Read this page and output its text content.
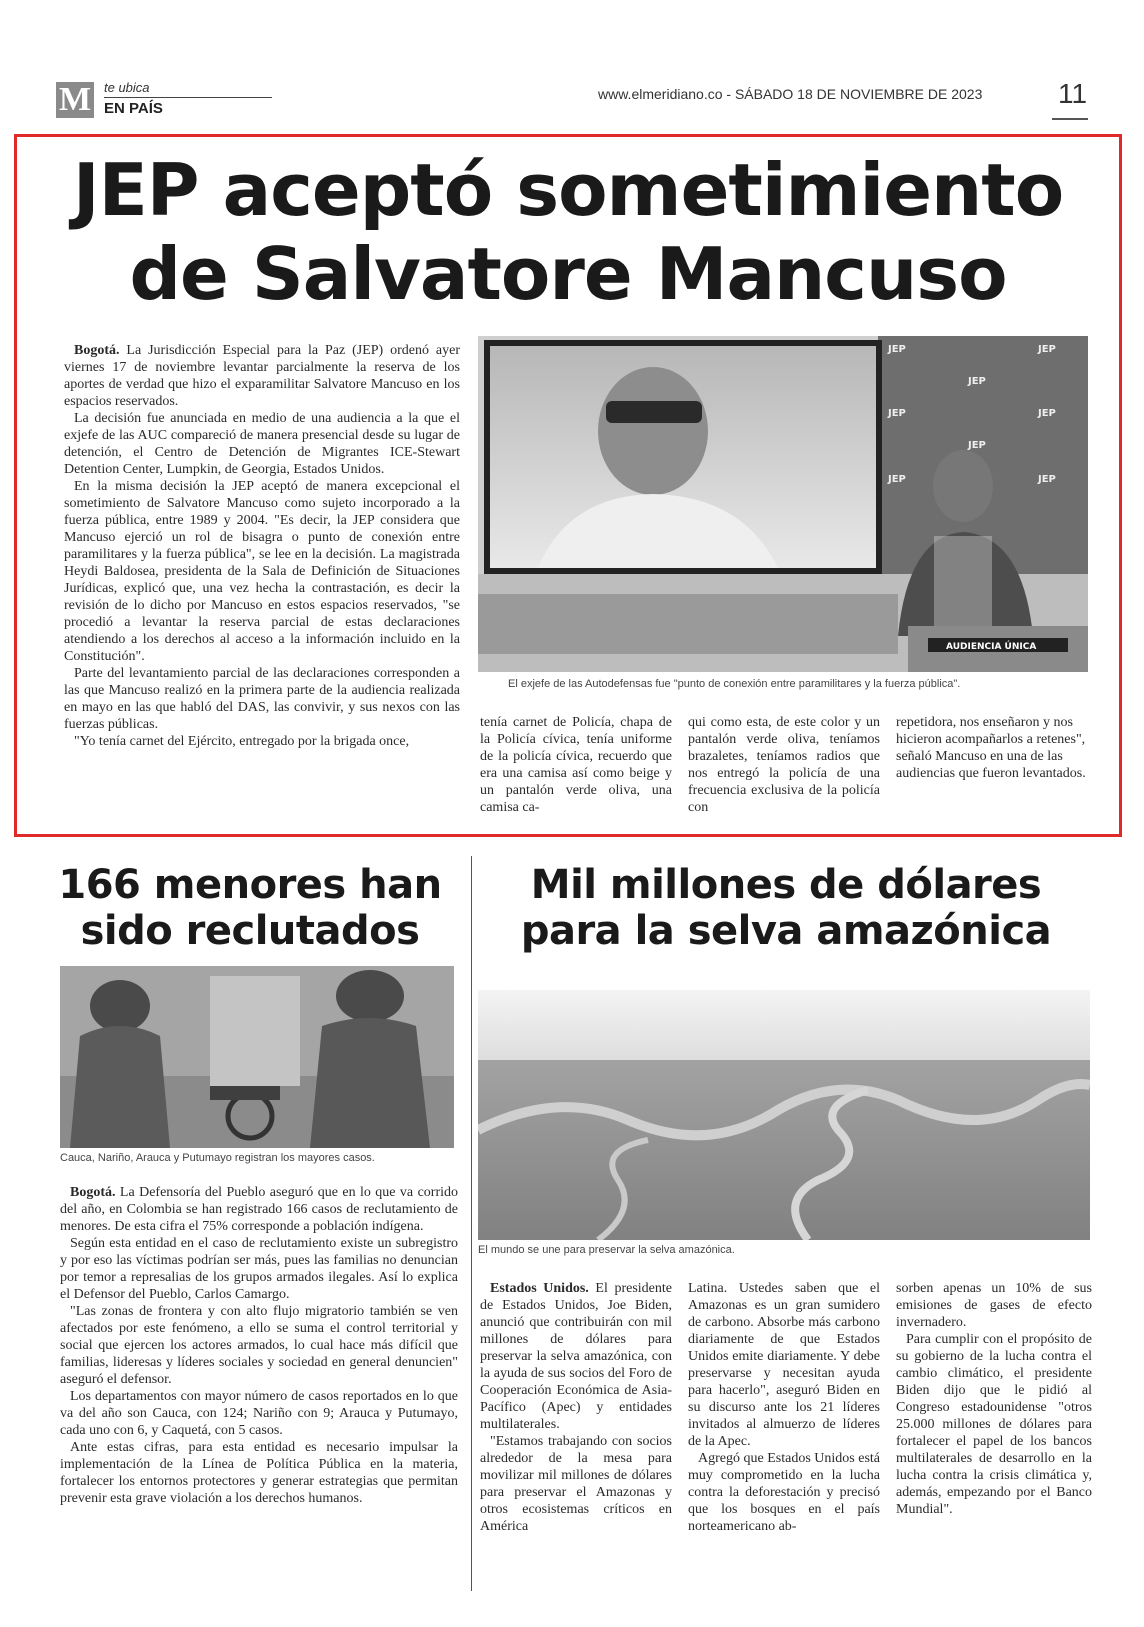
M te ubica
EN PAÍS
www.elmeridiano.co - SÁBADO 18 DE NOVIEMBRE DE 2023	11
JEP aceptó sometimiento
de Salvatore Mancuso

Bogotá. La Jurisdicción Especial para la Paz (JEP) ordenó ayer viernes 17 de noviembre levantar parcialmente la reserva de los aportes de verdad que hizo el exparamilitar Salvatore Mancuso en los espacios reservados.

La decisión fue anunciada en medio de una audiencia a la que el exjefe de las AUC compareció de manera presencial desde su lugar de detención, el Centro de Detención de Migrantes ICE-Stewart Detention Center, Lumpkin, de Georgia, Estados Unidos.

En la misma decisión la JEP aceptó de manera excepcional el sometimiento de Salvatore Mancuso como sujeto incorporado a la fuerza pública, entre 1989 y 2004. "Es decir, la JEP considera que Mancuso ejerció un rol de bisagra o punto de conexión entre paramilitares y la fuerza pública", se lee en la decisión. La magistrada Heydi Baldosea, presidenta de la Sala de Definición de Situaciones Jurídicas, explicó que, una vez hecha la contrastación, es decir la revisión de lo dicho por Mancuso en estos espacios reservados, "se procedió a levantar la reserva parcial de estas declaraciones atendiendo a los derechos al acceso a la información incluido en la Constitución".

Parte del levantamiento parcial de las declaraciones corresponden a las que Mancuso realizó en la primera parte de la audiencia realizada en mayo en las que habló del DAS, las convivir, y sus nexos con las fuerzas públicas.

"Yo tenía carnet del Ejército, entregado por la brigada once,

AUDIENCIA ÚNICA
JEP	JEP
JEP
JEP	JEP
JEP
JEP	JEP
El exjefe de las Autodefensas fue "punto de conexión entre paramilitares y la fuerza pública".

tenía carnet de Policía, chapa de la Policía cívica, tenía uniforme de la policía cívica, recuerdo que era una camisa así como beige y un pantalón verde oliva, una camisa ca-

qui como esta, de este color y un pantalón verde oliva, teníamos brazaletes, teníamos radios que nos entregó la policía de una frecuencia exclusiva de la policía con

repetidora, nos enseñaron y nos hicieron acompañarlos a retenes", señaló Mancuso en una de las audiencias que fueron levantados.

166 menores han
sido reclutados
Cauca, Nariño, Arauca y Putumayo registran los mayores casos.

Bogotá. La Defensoría del Pueblo aseguró que en lo que va corrido del año, en Colombia se han registrado 166 casos de reclutamiento de menores. De esta cifra el 75% corresponde a población indígena.

Según esta entidad en el caso de reclutamiento existe un subregistro y por eso las víctimas podrían ser más, pues las familias no denuncian por temor a represalias de los grupos armados ilegales. Así lo explica el Defensor del Pueblo, Carlos Camargo.

"Las zonas de frontera y con alto flujo migratorio también se ven afectados por este fenómeno, a ello se suma el control territorial y social que ejercen los actores armados, lo cual hace más difícil que familias, lideresas y líderes sociales y sociedad en general denuncien" aseguró el defensor.

Los departamentos con mayor número de casos reportados en lo que va del año son Cauca, con 124; Nariño con 9; Arauca y Putumayo, cada uno con 6, y Caquetá, con 5 casos.

Ante estas cifras, para esta entidad es necesario impulsar la implementación de la Línea de Política Pública en la materia, fortalecer los entornos protectores y generar estrategias que permitan prevenir esta grave violación a los derechos humanos.

Mil millones de dólares
para la selva amazónica
El mundo se une para preservar la selva amazónica.

Estados Unidos. El presidente de Estados Unidos, Joe Biden, anunció que contribuirán con mil millones de dólares para preservar la selva amazónica, con la ayuda de sus socios del Foro de Cooperación Económica de Asia-Pacífico (Apec) y entidades multilaterales.

"Estamos trabajando con socios alrededor de la mesa para movilizar mil millones de dólares para preservar el Amazonas y otros ecosistemas críticos en América

Latina. Ustedes saben que el Amazonas es un gran sumidero de carbono. Absorbe más carbono diariamente de que Estados Unidos emite diariamente. Y debe preservarse y necesitan ayuda para hacerlo", aseguró Biden en su discurso ante los 21 líderes invitados al almuerzo de líderes de la Apec.

Agregó que Estados Unidos está muy comprometido en la lucha contra la deforestación y precisó que los bosques en el país norteamericano ab-

sorben apenas un 10% de sus emisiones de gases de efecto invernadero.

Para cumplir con el propósito de su gobierno de la lucha contra el cambio climático, el presidente Biden dijo que le pidió al Congreso estadounidense "otros 25.000 millones de dólares para fortalecer el papel de los bancos multilaterales de desarrollo en la lucha contra la crisis climática y, además, empezando por el Banco Mundial".
